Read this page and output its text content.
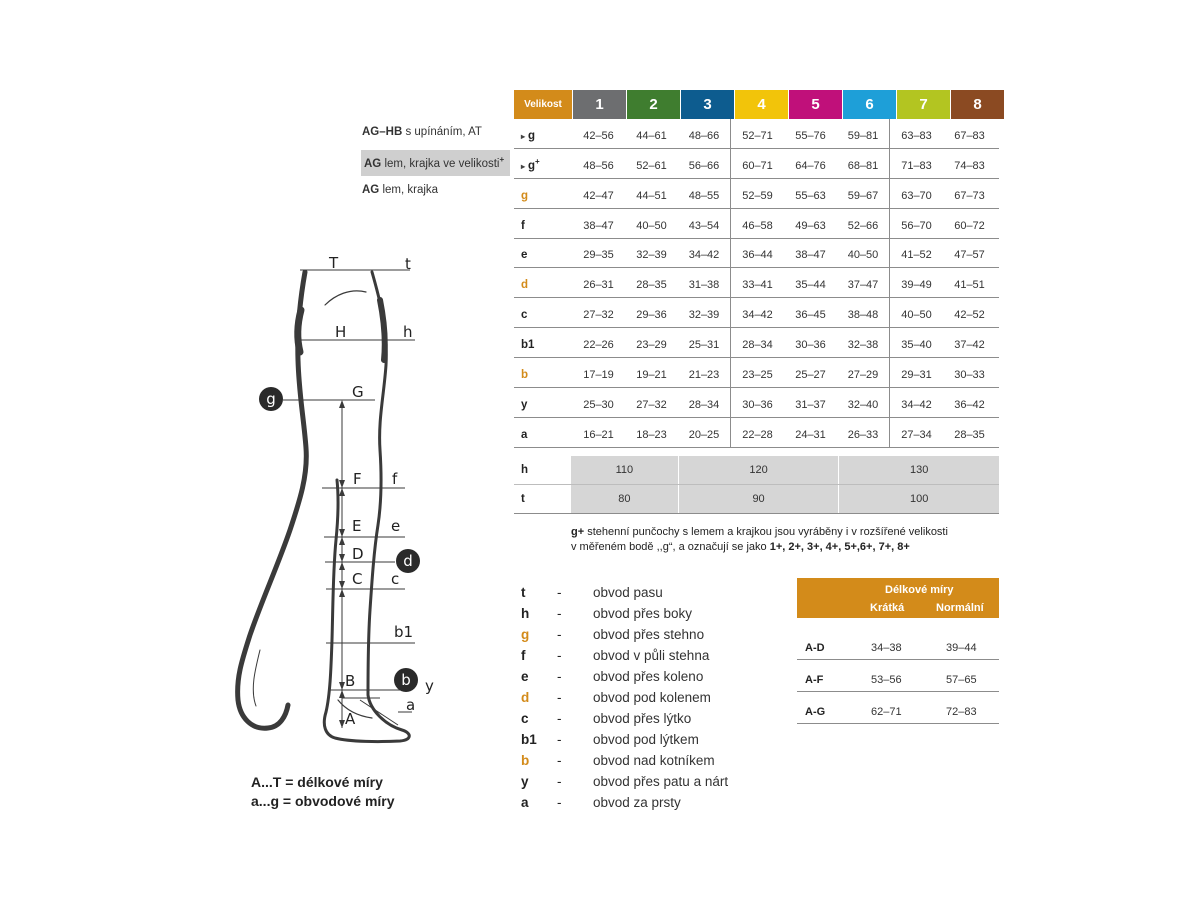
AG–HB s upínáním, AT
AG lem, krajka ve velikosti+
AG lem, krajka
Velikost	1	2	3	4	5	6	7	8
▸ g	42–56	44–61	48–66	52–71	55–76	59–81	63–83	67–83
▸ g+	48–56	52–61	56–66	60–71	64–76	68–81	71–83	74–83
g	42–47	44–51	48–55	52–59	55–63	59–67	63–70	67–73
f	38–47	40–50	43–54	46–58	49–63	52–66	56–70	60–72
e	29–35	32–39	34–42	36–44	38–47	40–50	41–52	47–57
d	26–31	28–35	31–38	33–41	35–44	37–47	39–49	41–51
c	27–32	29–36	32–39	34–42	36–45	38–48	40–50	42–52
b1	22–26	23–29	25–31	28–34	30–36	32–38	35–40	37–42
b	17–19	19–21	21–23	23–25	25–27	27–29	29–31	30–33
y	25–30	27–32	28–34	30–36	31–37	32–40	34–42	36–42
a	16–21	18–23	20–25	22–28	24–31	26–33	27–34	28–35
h	110	120	130
t	80	90	100
g+ stehenní punčochy s lemem a krajkou jsou vyráběny i v rozšířené velikosti
v měřeném bodě ,,g“, a označují se jako 1+, 2+, 3+, 4+, 5+,6+, 7+, 8+
t	-	obvod pasu
h	-	obvod přes boky
g	-	obvod přes stehno
f	-	obvod v půli stehna
e	-	obvod přes koleno
d	-	obvod pod kolenem
c	-	obvod přes lýtko
b1	-	obvod pod lýtkem
b	-	obvod nad kotníkem
y	-	obvod přes patu a nárt
a	-	obvod za prsty
Délkové míry
Krátká	Normální
A-D	34–38	39–44
A-F	53–56	57–65
A-G	62–71	72–83
T
H
G
F
E
D
C
B
A
t
h
f
e
c
b1
y
a
g
d
b
A...T = délkové míry
a...g = obvodové míry
